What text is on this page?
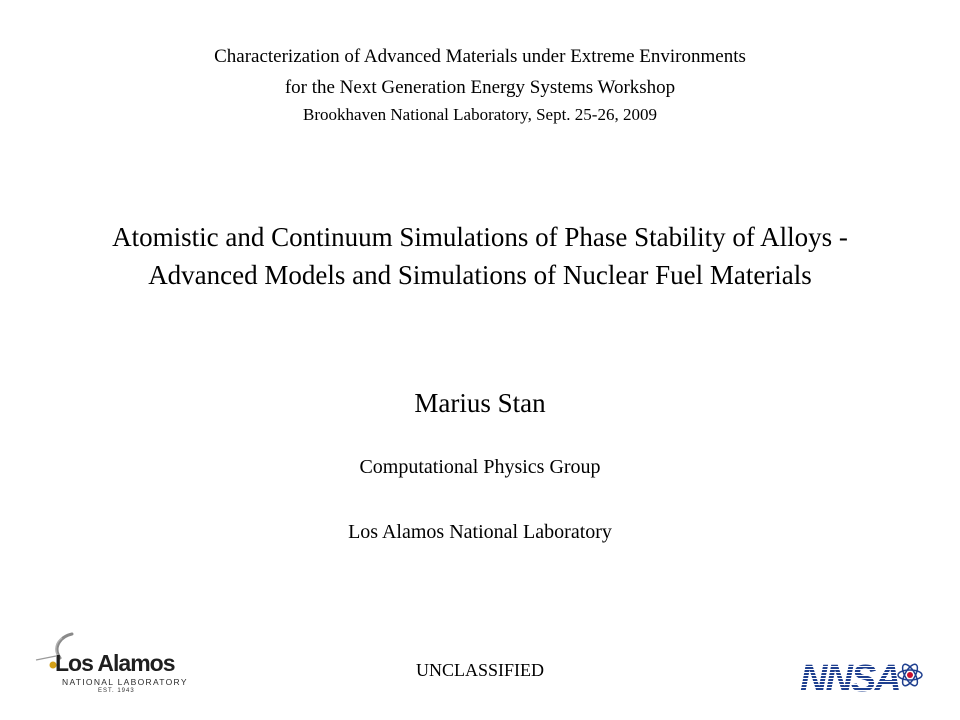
Characterization of Advanced Materials under Extreme Environments
for the Next Generation Energy Systems Workshop
Brookhaven National Laboratory, Sept. 25-26, 2009
Atomistic and Continuum Simulations of Phase Stability of Alloys -
Advanced Models and Simulations of Nuclear Fuel Materials
Marius Stan
Computational Physics Group
Los Alamos National Laboratory
UNCLASSIFIED
Los Alamos
NATIONAL LABORATORY
EST. 1943	NNSA
